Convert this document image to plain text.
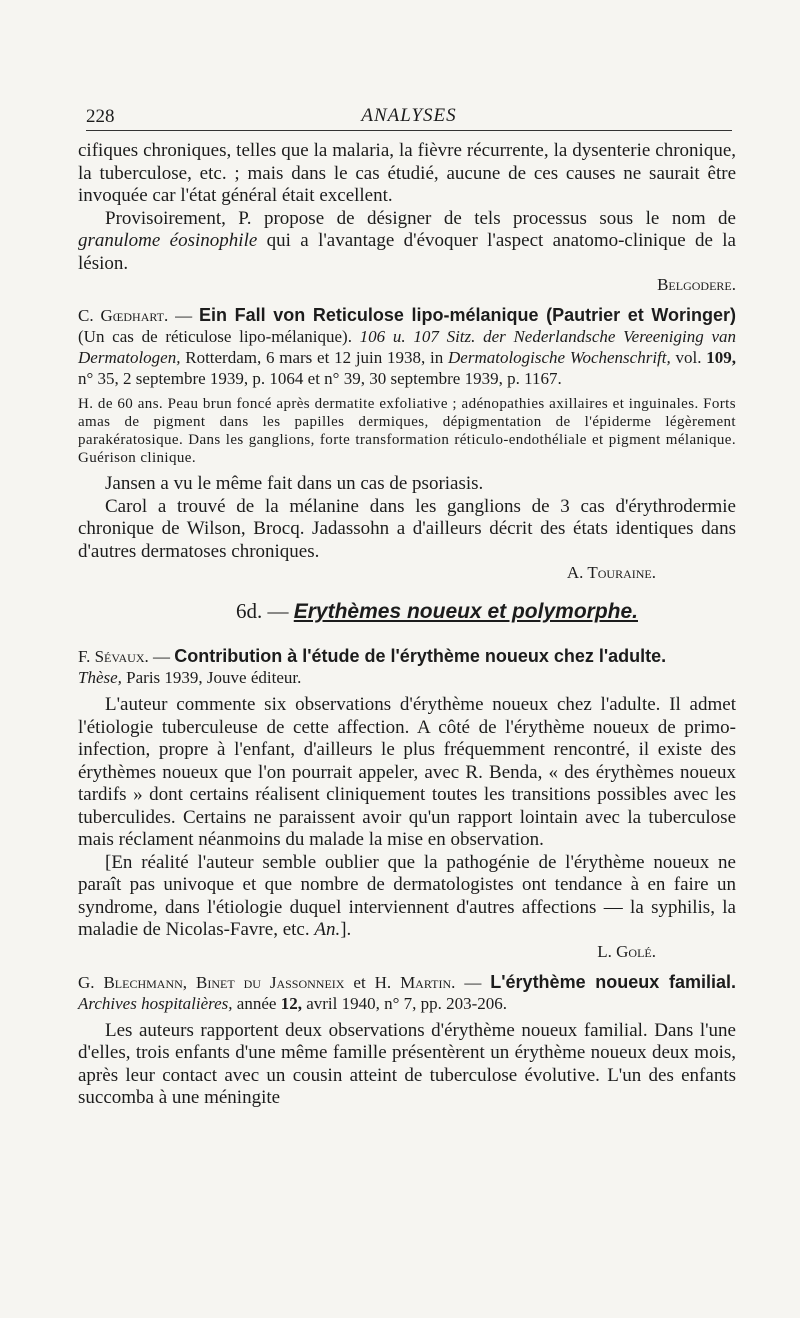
228	ANALYSES

cifiques chroniques, telles que la malaria, la fièvre récurrente, la dysenterie chronique, la tuberculose, etc. ; mais dans le cas étudié, aucune de ces causes ne saurait être invoquée car l'état général était excellent.

Provisoirement, P. propose de désigner de tels processus sous le nom de granulome éosinophile qui a l'avantage d'évoquer l'aspect anatomo-clinique de la lésion.

Belgodere.

C. Gœdhart. — Ein Fall von Reticulose lipo-mélanique (Pautrier et Woringer) (Un cas de réticulose lipo-mélanique). 106 u. 107 Sitz. der Nederlandsche Vereeniging van Dermatologen, Rotterdam, 6 mars et 12 juin 1938, in Dermatologische Wochenschrift, vol. 109, n° 35, 2 septembre 1939, p. 1064 et n° 39, 30 septembre 1939, p. 1167.

H. de 60 ans. Peau brun foncé après dermatite exfoliative ; adénopathies axillaires et inguinales. Forts amas de pigment dans les papilles dermiques, dépigmentation de l'épiderme légèrement parakératosique. Dans les ganglions, forte transformation réticulo-endothéliale et pigment mélanique. Guérison clinique.

Jansen a vu le même fait dans un cas de psoriasis.

Carol a trouvé de la mélanine dans les ganglions de 3 cas d'érythrodermie chronique de Wilson, Brocq. Jadassohn a d'ailleurs décrit des états identiques dans d'autres dermatoses chroniques.

A. Touraine.

6d. — Erythèmes noueux et polymorphe.

F. Sévaux. — Contribution à l'étude de l'érythème noueux chez l'adulte.
Thèse, Paris 1939, Jouve éditeur.

L'auteur commente six observations d'érythème noueux chez l'adulte. Il admet l'étiologie tuberculeuse de cette affection. A côté de l'érythème noueux de primo-infection, propre à l'enfant, d'ailleurs le plus fréquemment rencontré, il existe des érythèmes noueux que l'on pourrait appeler, avec R. Benda, « des érythèmes noueux tardifs » dont certains réalisent cliniquement toutes les transitions possibles avec les tuberculides. Certains ne paraissent avoir qu'un rapport lointain avec la tuberculose mais réclament néanmoins du malade la mise en observation.

[En réalité l'auteur semble oublier que la pathogénie de l'érythème noueux ne paraît pas univoque et que nombre de dermatologistes ont tendance à en faire un syndrome, dans l'étiologie duquel interviennent d'autres affections — la syphilis, la maladie de Nicolas-Favre, etc. An.].

L. Golé.

G. Blechmann, Binet du Jassonneix et H. Martin. — L'érythème noueux familial. Archives hospitalières, année 12, avril 1940, n° 7, pp. 203-206.

Les auteurs rapportent deux observations d'érythème noueux familial. Dans l'une d'elles, trois enfants d'une même famille présentèrent un érythème noueux deux mois, après leur contact avec un cousin atteint de tuberculose évolutive. L'un des enfants succomba à une méningite
